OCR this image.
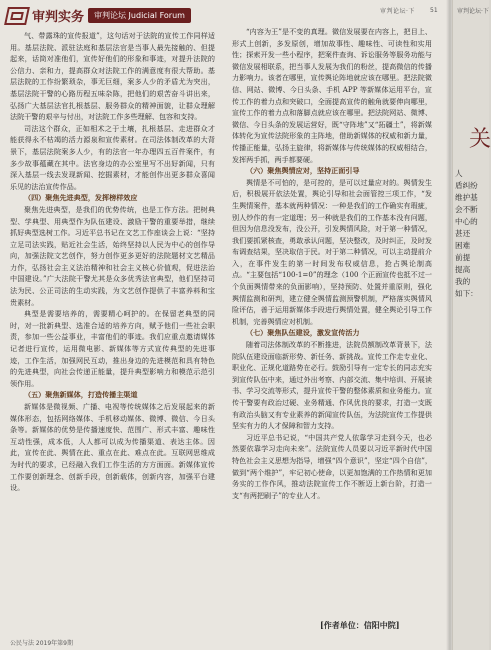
审判实务	审判论坛 Judicial Forum	审判论坛·下	51

气、带露珠的宣传报道”，这句话对于法院的宣传工作同样适用。基层法院、派驻法庭和基层法官是当事人最先接触的、但提起来，话筒对准他们，宣传好他们的形象和事迹，对提升法院的公信力、亲和力，提高群众对法院工作的满意度有很大帮助。基层法院的工作纷繁琐杂，事无巨细，案多人少的矛盾尤为突出，基层法院干警的心路历程五味杂陈，把他们的艰苦奋斗讲出来，弘扬广大基层法官扎根基层、服务群众的精神面貌，让群众理解法院干警的艰辛与付出，对法院工作多些理解、包容和支持。

司法这个群众，正如相术之于土壤，扎根基层、走进群众才能获得永不枯竭的活力源泉和宣传素材。在司法体制改革的大背景下，基层法院案多人少，有的法官一年办理四五百件案件，有多少故事蕴藏在其中。法官身边的办公室里写不出好新闻，只有深入基层一线去发现新闻、挖掘素材，才能创作出更多群众喜闻乐见的法治宣传作品。

（四）聚焦先进典型，发挥榜样效应

聚焦先进典型，是我们的优势传统，也是工作方法。把树典型、学典型、用典型作为队伍建设、激励干警的重要举措，继续抓好典型选树工作。习近平总书记在文艺工作座谈会上说：“坚持立足司法实践，贴近社会生活，始终坚持以人民为中心的创作导向，加强法院文艺创作，努力创作更多更好的法院题材文艺精品力作，弘扬社会主义法治精神和社会主义核心价值观，促进法治中国建设。”广大法院干警尤其是众多优秀法官典型，他们坚持司法为民、公正司法的生动实践，为文艺创作提供了丰富养料和宝贵素材。

典型是需要培养的，需要精心呵护的。在保留老典型的同时，对一批新典型、选准合适的培养方向，赋予他们一些社会职责，参加一些公益事业，丰富他们的事迹。我们应重点邀请媒体记者进行宣传，运用微电影、新媒体等方式宣传典型的先进事迹，工作生活，加强网民互动，推出身边的先进模范和具有特色的先进典型，向社会传递正能量，提升典型影响力和模范示范引领作用。

（五）聚焦新媒体，打造传播主渠道

新媒体是微视频、广播、电视等传统媒体之后发展起来的新媒体形态，包括网络媒体、手机移动媒体、微博、微信、今日头条等。新媒体的优势是传播速度快、范围广、形式丰富、趣味性互动性强，成本低，人人都可以成为传播渠道、表达主体。因此，宣传在此、舆情在此、重点在此、难点在此。互联网思维成为时代的要求，已经融入我们工作生活的方方面面。新媒体宣传工作要创新理念、创新手段，创新载体，创新内容，加强平台建设。

“内容为王”是不变的真理。微信发展要在内容上，把目上、形式上创新，多发原创，增加故事性、趣味性、可读性和实用性；探索开发一些小程序，把案件查询、诉讼服务等服务功能与微信发展相联系，把当事人发展为我们的粉丝，提高微信的传播力影响力。该者在哪里，宣传舆论阵地就应该在哪里。把法院微信、网站、微博、今日头条、手机 APP 等新媒体运用平台，宣传工作的着力点和突破口，全面提高宣传的触角就要伸向哪里，宣传工作的着力点和落脚点就应该在哪里。把法院网站、微博、微信、今日头条的发展运营好，既“守阵地”又“拓疆土”，将新媒体转化为宣传法院形象的主阵地，借助新媒体的权威和新力量，传播正能量，弘扬主旋律，将新媒体与传统媒体的权威相结合，发挥两手抓，两手都要硬。

（六）聚焦舆情应对，坚持正面引导

舆情是不可怕的，是可控的，是可以过量应对的。舆情发生后，积极展开依法处置，舆论引导和社会面管控三项工作，“发生舆情案件，基本就两种情况：一种是我们的工作确实有瑕疵，别人炒作的有一定道理；另一种就是我们的工作基本没有问题，但因为信息没发布，没公开，引发舆情风险，对于第一种情况，我们要抓紧核查，勇敢承认问题，坚决整改，及时纠正，及时发布调查结果，坚决取信于民。对于第二种情况，可以主动提前介入，在事件发生的第一时间发布权威信息，抢占舆论制高点。“主要包括“100-1=0”的理念（100 个正面宣传也抵不过一个负面舆情带来的负面影响），坚持预防、处置并重原则，强化舆情监测和研判，建立健全舆情监测预警机制，严格落实舆情风险评估，善于运用新媒体手段进行舆情处置，健全舆论引导工作机制，完善舆情应对机制。

（七）聚焦队伍建设，激发宣传活力

随着司法体制改革的不断推进，法院员额制改革背景下，法院队伍建设面临新形势、新任务、新挑战。宣传工作走专业化、职业化、正规化道路势在必行。鼓励引导有一定专长的同志充实到宣传队伍中来，通过外出考察、内部交流、集中培训、开展读书、学习交流等形式，提升宣传干警的整体素质和业务能力。宣传干警要有政治过硬、业务精通、作风优良的要求，打造一支既有政治头脑又有专业素养的新闻宣传队伍，为法院宣传工作提供坚实有力的人才保障和智力支持。

习近平总书记说，“中国共产党人依靠学习走到今天，也必然要依靠学习走向未来”。法院宣传人员要以习近平新时代中国特色社会主义思想为指导，增强“四个意识”，坚定“四个自信”，做到“两个维护”，牢记初心使命，以更加饱满的工作热情和更加务实的工作作风，推动法院宣传工作不断迈上新台阶，打造一支“有两把刷子”的专业人才。

[作者单位：信阳中院]
公民与法 2019年第9期
审判论坛·下
关
人
盾纠纷
维护基
会不断
中心的
甚还
困难
前提
提高
我的
如下：
